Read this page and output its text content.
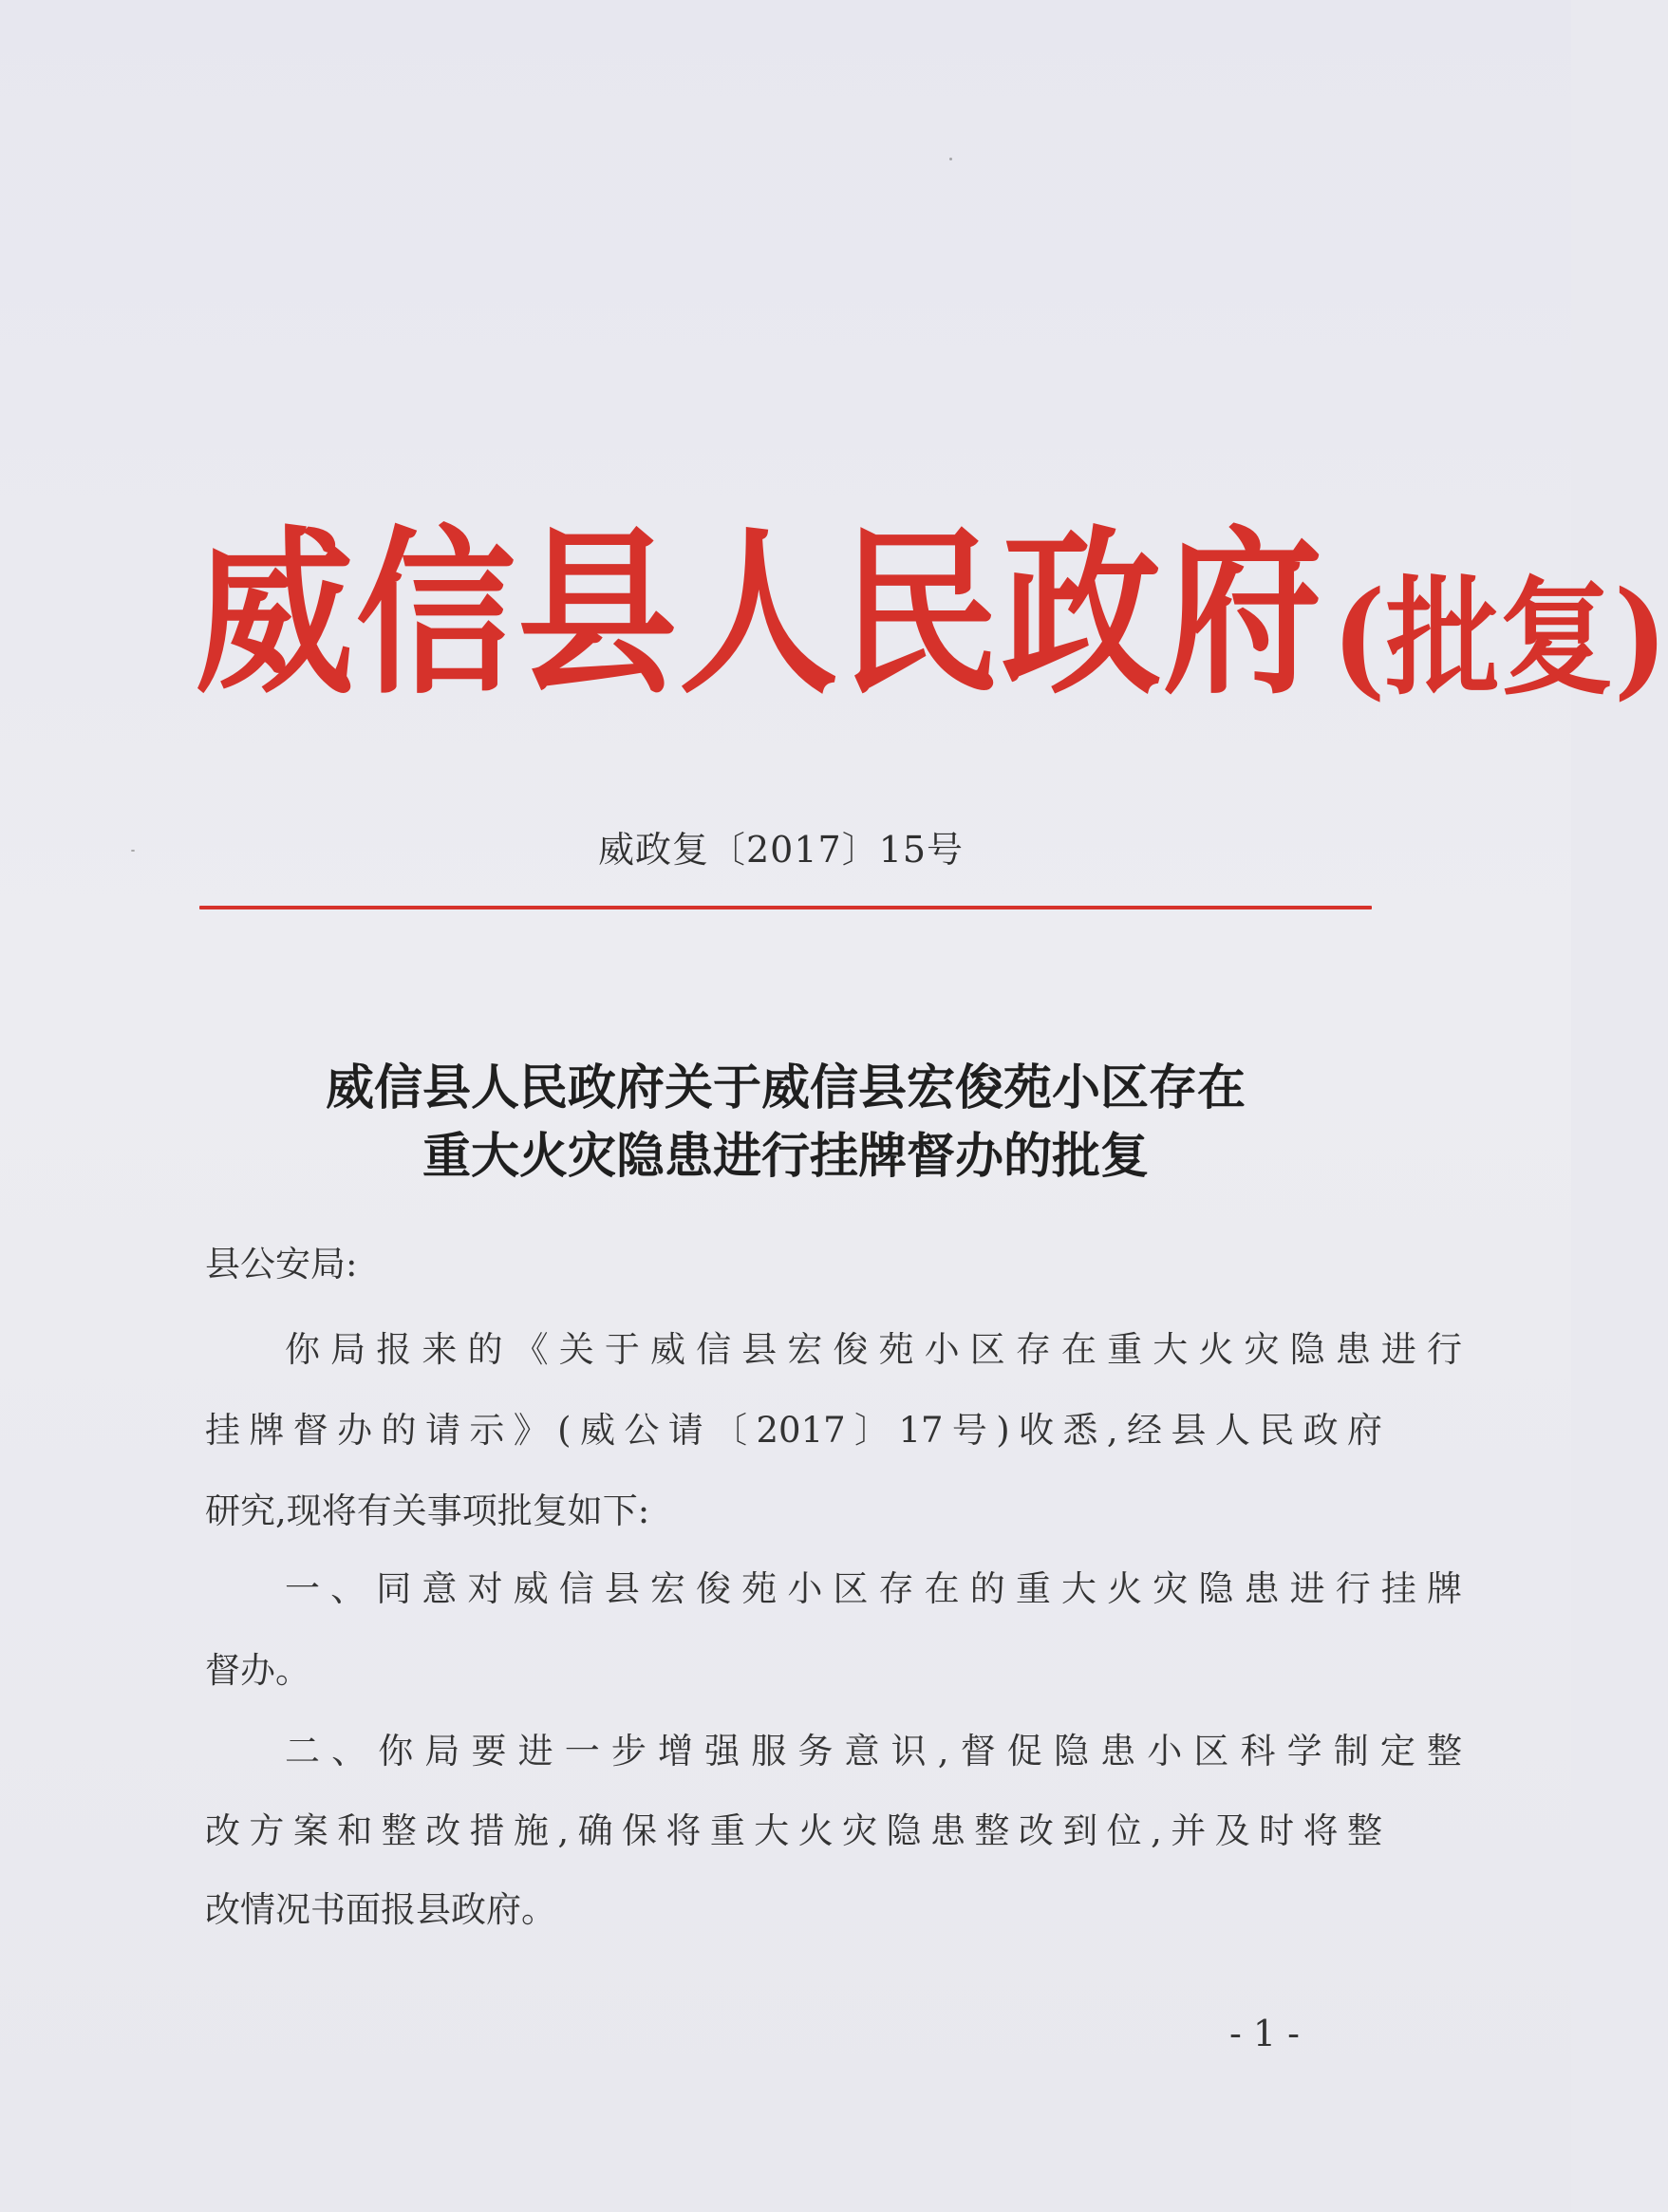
威信县人民政府 (批复)
威政复〔2017〕15号
威信县人民政府关于威信县宏俊苑小区存在
重大火灾隐患进行挂牌督办的批复
县公安局:
你局报来的《关于威信县宏俊苑小区存在重大火灾隐患进行
挂牌督办的请示》(威公请〔2017〕17号)收悉,经县人民政府
研究,现将有关事项批复如下:
一、同意对威信县宏俊苑小区存在的重大火灾隐患进行挂牌
督办。
二、你局要进一步增强服务意识,督促隐患小区科学制定整
改方案和整改措施,确保将重大火灾隐患整改到位,并及时将整
改情况书面报县政府。
- 1 -
